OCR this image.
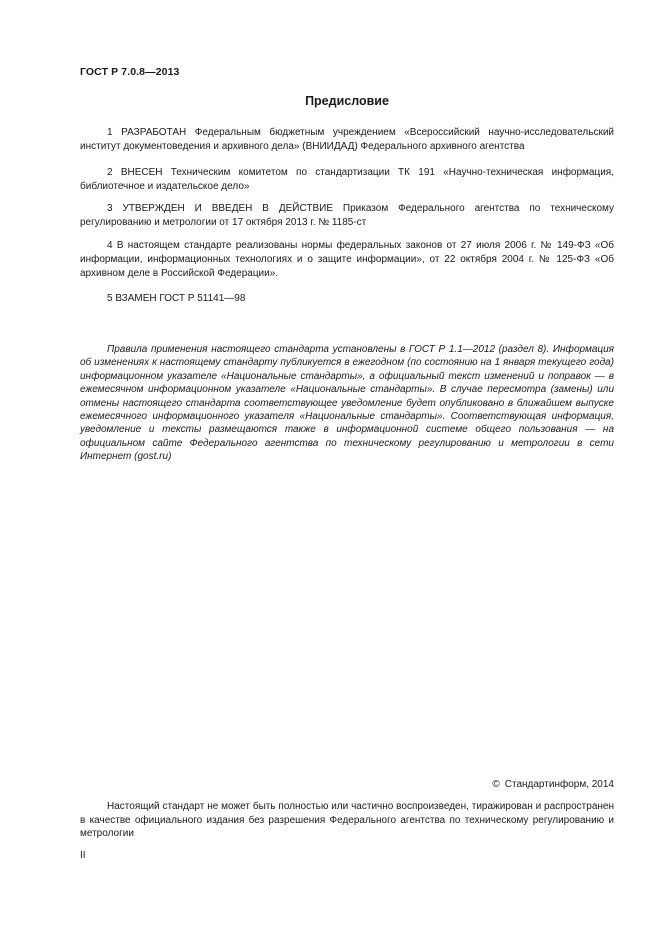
ГОСТ Р 7.0.8—2013
Предисловие

1 РАЗРАБОТАН Федеральным бюджетным учреждением «Всероссийский научно-исследовательский институт документоведения и архивного дела» (ВНИИДАД) Федерального архивного агентства

2 ВНЕСЕН Техническим комитетом по стандартизации ТК 191 «Научно-техническая информация, библиотечное и издательское дело»

3 УТВЕРЖДЕН И ВВЕДЕН В ДЕЙСТВИЕ Приказом Федерального агентства по техническому регулированию и метрологии от 17 октября 2013 г. № 1185-ст

4 В настоящем стандарте реализованы нормы федеральных законов от 27 июля 2006 г. № 149-ФЗ «Об информации, информационных технологиях и о защите информации», от 22 октября 2004 г. № 125-ФЗ «Об архивном деле в Российской Федерации».

5 ВЗАМЕН ГОСТ Р 51141—98

Правила применения настоящего стандарта установлены в ГОСТ Р 1.1—2012 (раздел 8). Информация об изменениях к настоящему стандарту публикуется в ежегодном (по состоянию на 1 января текущего года) информационном указателе «Национальные стандарты», а официальный текст изменений и поправок — в ежемесячном информационном указателе «Национальные стандарты». В случае пересмотра (замены) или отмены настоящего стандарта соответствующее уведомление будет опубликовано в ближайшем выпуске ежемесячного информационного указателя «Национальные стандарты». Соответствующая информация, уведомление и тексты размещаются также в информационной системе общего пользования — на официальном сайте Федерального агентства по техническому регулированию и метрологии в сети Интернет (gost.ru)

© Стандартинформ, 2014

Настоящий стандарт не может быть полностью или частично воспроизведен, тиражирован и распространен в качестве официального издания без разрешения Федерального агентства по техническому регулированию и метрологии

II
